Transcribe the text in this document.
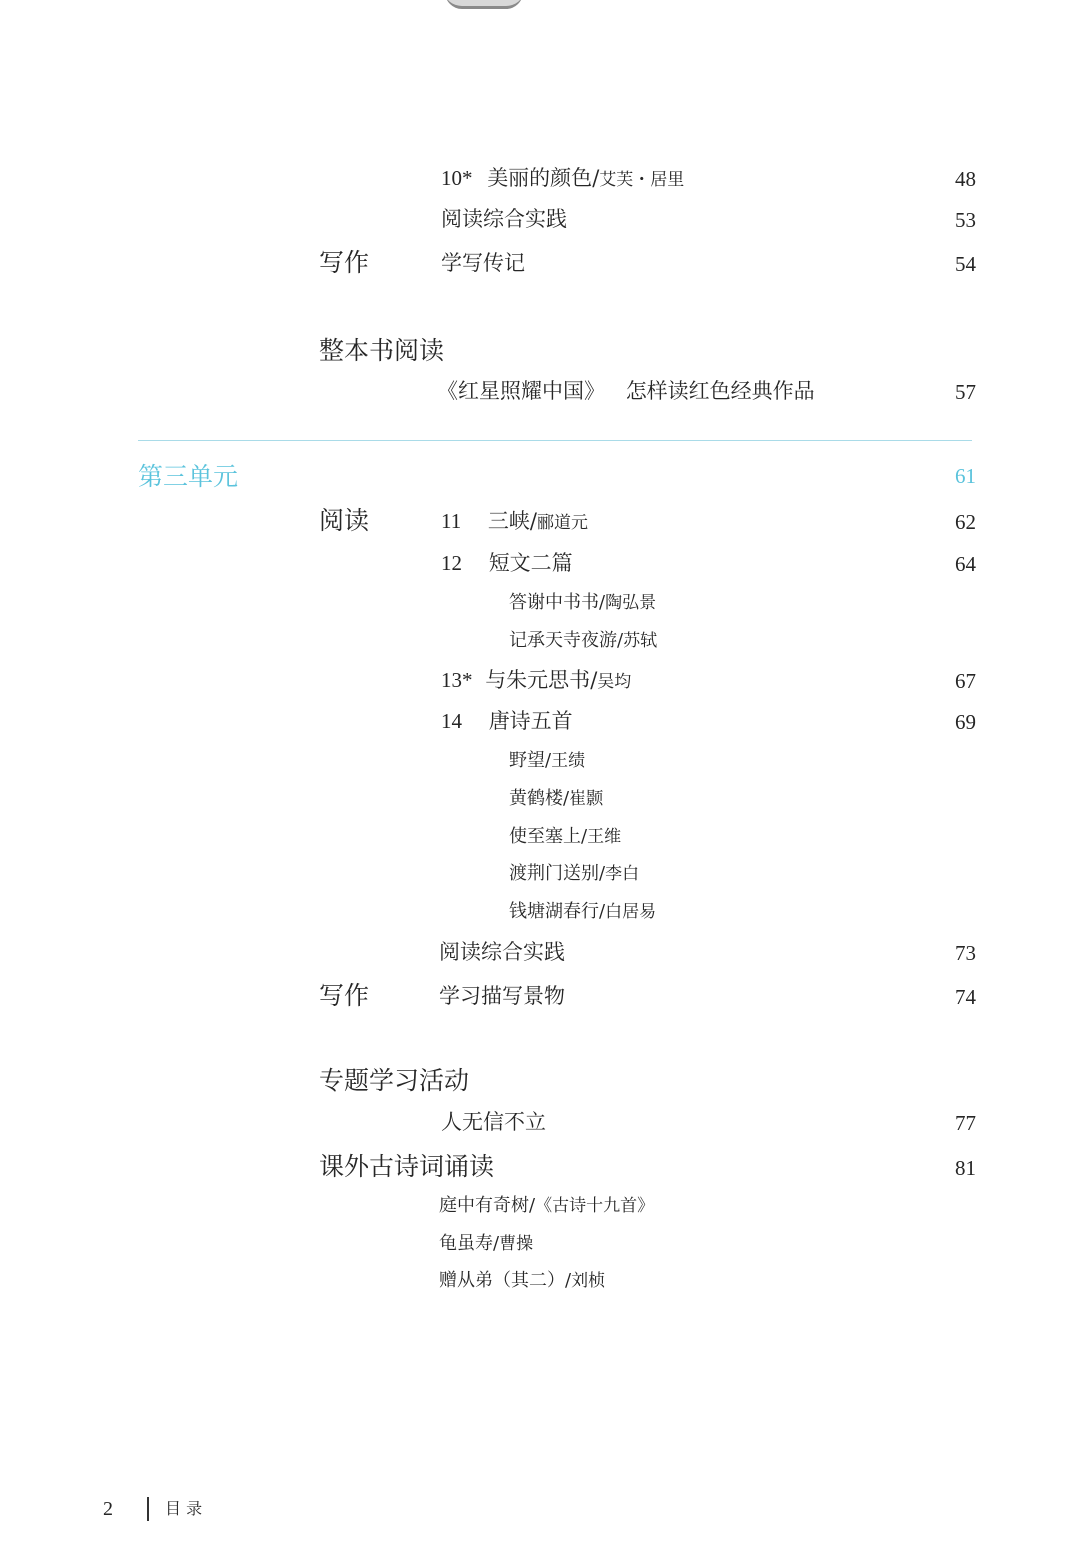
10* 美丽的颜色/艾芙・居里	48
阅读综合实践	53
写作	学写传记	54
整本书阅读
《红星照耀中国》 怎样读红色经典作品	57
第三单元	61
阅读	11 三峡/郦道元	62
12 短文二篇	64
答谢中书书/陶弘景
记承天寺夜游/苏轼
13* 与朱元思书/吴均	67
14 唐诗五首	69
野望/王绩
黄鹤楼/崔颢
使至塞上/王维
渡荆门送别/李白
钱塘湖春行/白居易
阅读综合实践	73
写作	学习描写景物	74
专题学习活动
人无信不立	77
课外古诗词诵读	81
庭中有奇树/《古诗十九首》
龟虽寿/曹操
赠从弟（其二）/刘桢
2	目 录
